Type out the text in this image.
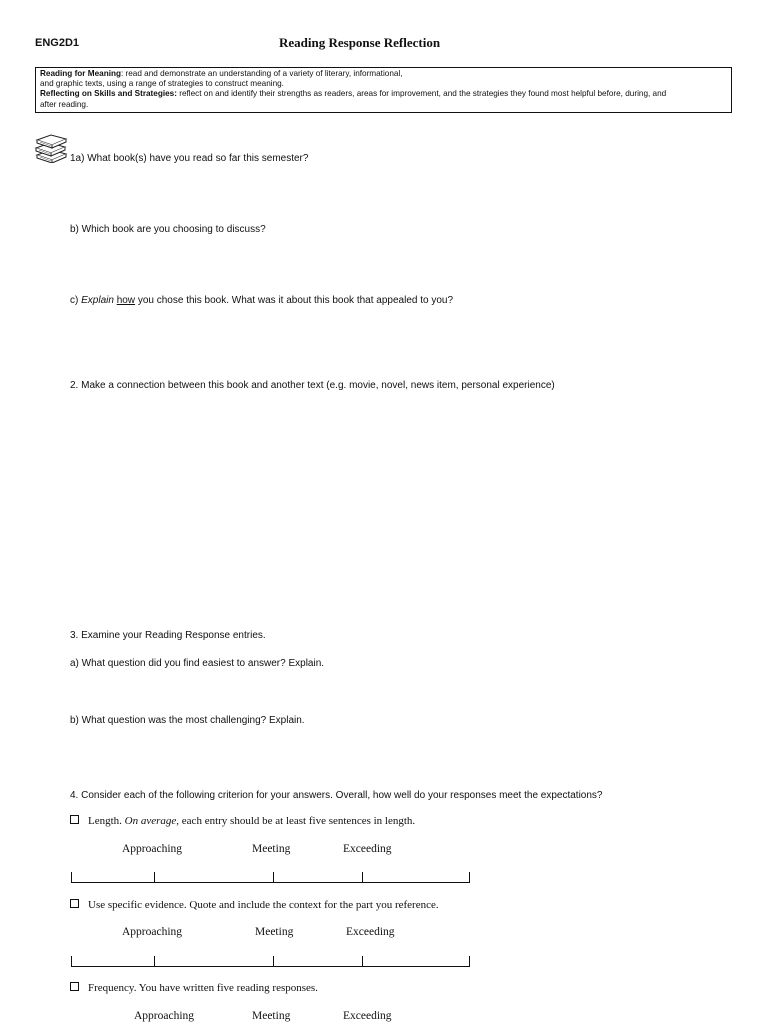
ENG2D1	Reading Response Reflection
Reading for Meaning: read and demonstrate an understanding of a variety of literary, informational,
and graphic texts, using a range of strategies to construct meaning.
Reflecting on Skills and Strategies: reflect on and identify their strengths as readers, areas for improvement, and the strategies they found most helpful before, during, and
after reading.
1a) What book(s) have you read so far this semester?
b) Which book are you choosing to discuss?
c) Explain how you chose this book. What was it about this book that appealed to you?
2. Make a connection between this book and another text (e.g. movie, novel, news item, personal experience)
3. Examine your Reading Response entries.
a) What question did you find easiest to answer? Explain.
b) What question was the most challenging? Explain.
4. Consider each of the following criterion for your answers. Overall, how well do your responses meet the expectations?
Length. On average, each entry should be at least five sentences in length.
Approaching	Meeting	Exceeding
Use specific evidence. Quote and include the context for the part you reference.
Approaching	Meeting	Exceeding
Frequency. You have written five reading responses.
Approaching	Meeting	Exceeding
